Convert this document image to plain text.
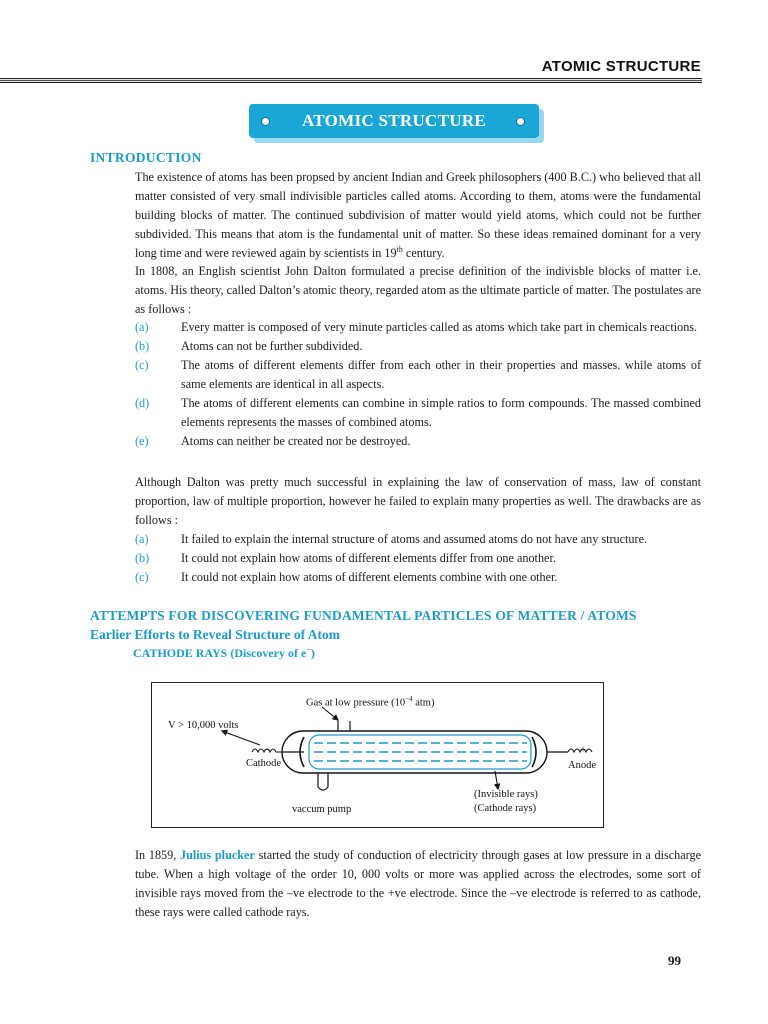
ATOMIC STRUCTURE
ATOMIC STRUCTURE
INTRODUCTION
The existence of atoms has been propsed by ancient Indian and Greek philosophers (400 B.C.) who believed that all matter consisted of very small indivisible particles called atoms. According to them, atoms were the fundamental building blocks of matter. The continued subdivision of matter would yield atoms, which could not be further subdivided. This means that atom is the fundamental unit of matter. So these ideas remained dominant for a very long time and were reviewed again by scientists in 19th century.
In 1808, an English scientist John Dalton formulated a precise definition of the indivisble blocks of matter i.e. atoms. His theory, called Dalton’s atomic theory, regarded atom as the ultimate particle of matter. The postulates are as follows :
(a)	Every matter is composed of very minute particles called as atoms which take part in chemicals reactions.
(b)	Atoms can not be further subdivided.
(c)	The atoms of different elements differ from each other in their properties and masses. while atoms of same elements are identical in all aspects.
(d)	The atoms of different elements can combine in simple ratios to form compounds. The massed combined elements represents the masses of combined atoms.
(e)	Atoms can neither be created nor be destroyed.
Although Dalton was pretty much successful in explaining the law of conservation of mass, law of constant proportion, law of multiple proportion, however he failed to explain many properties as well. The drawbacks are as follows :
(a)	It failed to explain the internal structure of atoms and assumed atoms do not have any structure.
(b)	It could not explain how atoms of different elements differ from one another.
(c)	It could not explain how atoms of different elements combine with one other.
ATTEMPTS FOR DISCOVERING FUNDAMENTAL PARTICLES OF MATTER / ATOMS
Earlier Efforts to Reveal Structure of Atom
CATHODE RAYS (Discovery of e−)
Gas at low pressure ($10^{-4}$ atm)
V > 10,000 volts
Cathode
−	+
Anode
vaccum pump
(Invisible rays)
(Cathode rays)
In 1859, Julius plucker started the study of conduction of electricity through gases at low pressure in a discharge tube. When a high voltage of the order 10, 000 volts or more was applied across the electrodes, some sort of invisible rays moved from the –ve electrode to the +ve electrode. Since the –ve electrode is referred to as cathode, these rays were called cathode rays.
99
